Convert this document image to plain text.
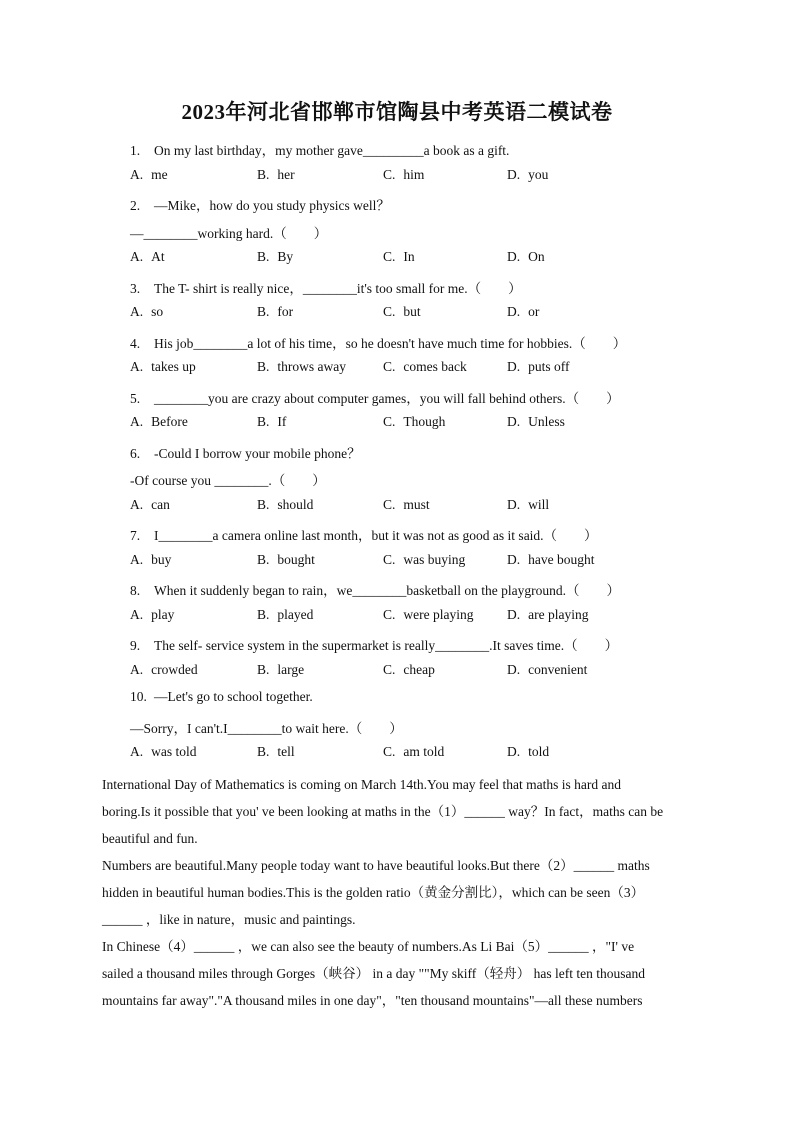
2023年河北省邯郸市馆陶县中考英语二模试卷
1. On my last birthday，my mother gave_________a book as a gift.
A. me	B. her	C. him	D. you
2. —Mike，how do you study physics well？
—________working hard.（　　）
A. At	B. By	C. In	D. On
3. The T- shirt is really nice，________it's too small for me.（　　）
A. so	B. for	C. but	D. or
4. His job________a lot of his time，so he doesn't have much time for hobbies.（　　）
A. takes up	B. throws away	C. comes back	D. puts off
5. ________you are crazy about computer games，you will fall behind others.（　　）
A. Before	B. If	C. Though	D. Unless
6. -Could I borrow your mobile phone？
-Of course you ________.（　　）
A. can	B. should	C. must	D. will
7. I________a camera online last month，but it was not as good as it said.（　　）
A. buy	B. bought	C. was buying	D. have bought
8. When it suddenly began to rain，we________basketball on the playground.（　　）
A. play	B. played	C. were playing D. are playing
9. The self- service system in the supermarket is really________.It saves time.（　　）
A. crowded	B. large	C. cheap	D. convenient
10. —Let's go to school together.
—Sorry，I can't.I________to wait here.（　　）
A. was told	B. tell	C. am told	D. told
International Day of Mathematics is coming on March 14th.You may feel that maths is hard and
boring.Is it possible that you' ve been looking at maths in the（1）______ way？In fact，maths can be
beautiful and fun.
Numbers are beautiful.Many people today want to have beautiful looks.But there（2）______ maths
hidden in beautiful human bodies.This is the golden ratio（黄金分割比），which can be seen（3）
______ ，like in nature，music and paintings.
In Chinese（4）______ ，we can also see the beauty of numbers.As Li Bai（5）______ ，"I' ve
sailed a thousand miles through Gorges（峡谷） in a day ""My skiff（轻舟） has left ten thousand
mountains far away"."A thousand miles in one day"，"ten thousand mountains"—all these numbers
